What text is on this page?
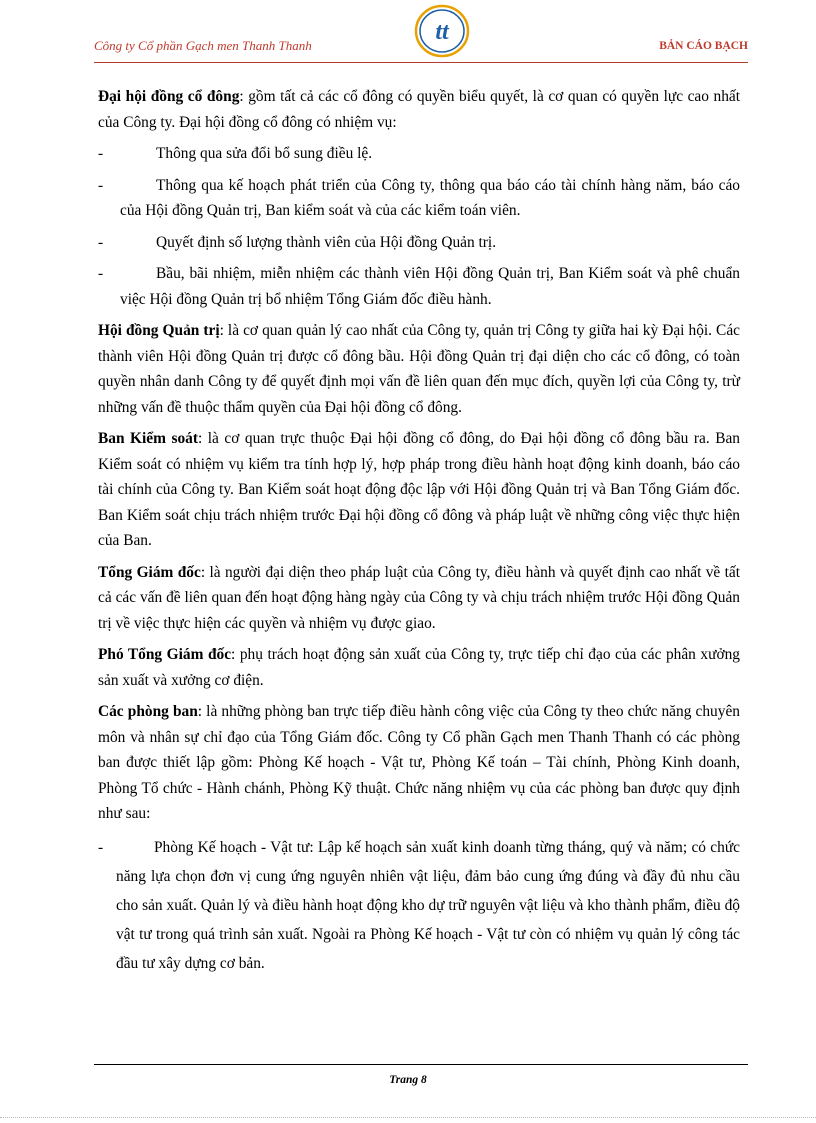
Công ty Cổ phần Gạch men Thanh Thanh
tt
BẢN CÁO BẠCH

Đại hội đồng cổ đông: gồm tất cả các cổ đông có quyền biểu quyết, là cơ quan có quyền lực cao nhất của Công ty. Đại hội đồng cổ đông có nhiệm vụ:

-	Thông qua sửa đổi bổ sung điều lệ.
-	Thông qua kế hoạch phát triển của Công ty, thông qua báo cáo tài chính hàng năm, báo cáo của Hội đồng Quản trị, Ban kiểm soát và của các kiểm toán viên.
-	Quyết định số lượng thành viên của Hội đồng Quản trị.
-	Bầu, bãi nhiệm, miễn nhiệm các thành viên Hội đồng Quản trị, Ban Kiểm soát và phê chuẩn việc Hội đồng Quản trị bổ nhiệm Tổng Giám đốc điều hành.

Hội đồng Quản trị: là cơ quan quản lý cao nhất của Công ty, quản trị Công ty giữa hai kỳ Đại hội. Các thành viên Hội đồng Quản trị được cổ đông bầu. Hội đồng Quản trị đại diện cho các cổ đông, có toàn quyền nhân danh Công ty để quyết định mọi vấn đề liên quan đến mục đích, quyền lợi của Công ty, trừ những vấn đề thuộc thẩm quyền của Đại hội đồng cổ đông.

Ban Kiểm soát: là cơ quan trực thuộc Đại hội đồng cổ đông, do Đại hội đồng cổ đông bầu ra. Ban Kiểm soát có nhiệm vụ kiểm tra tính hợp lý, hợp pháp trong điều hành hoạt động kinh doanh, báo cáo tài chính của Công ty. Ban Kiểm soát hoạt động độc lập với Hội đồng Quản trị và Ban Tổng Giám đốc. Ban Kiểm soát chịu trách nhiệm trước Đại hội đồng cổ đông và pháp luật về những công việc thực hiện của Ban.

Tổng Giám đốc: là người đại diện theo pháp luật của Công ty, điều hành và quyết định cao nhất về tất cả các vấn đề liên quan đến hoạt động hàng ngày của Công ty và chịu trách nhiệm trước Hội đồng Quản trị về việc thực hiện các quyền và nhiệm vụ được giao.

Phó Tổng Giám đốc: phụ trách hoạt động sản xuất của Công ty, trực tiếp chỉ đạo của các phân xưởng sản xuất và xưởng cơ điện.

Các phòng ban: là những phòng ban trực tiếp điều hành công việc của Công ty theo chức năng chuyên môn và nhân sự chỉ đạo của Tổng Giám đốc. Công ty Cổ phần Gạch men Thanh Thanh có các phòng ban được thiết lập gồm: Phòng Kế hoạch - Vật tư, Phòng Kế toán – Tài chính, Phòng Kinh doanh, Phòng Tổ chức - Hành chánh, Phòng Kỹ thuật. Chức năng nhiệm vụ của các phòng ban được quy định như sau:

-	Phòng Kế hoạch - Vật tư: Lập kế hoạch sản xuất kinh doanh từng tháng, quý và năm; có chức năng lựa chọn đơn vị cung ứng nguyên nhiên vật liệu, đảm bảo cung ứng đúng và đầy đủ nhu cầu cho sản xuất. Quản lý và điều hành hoạt động kho dự trữ nguyên vật liệu và kho thành phẩm, điều độ vật tư trong quá trình sản xuất. Ngoài ra Phòng Kế hoạch - Vật tư còn có nhiệm vụ quản lý công tác đầu tư xây dựng cơ bản.
Trang 8
